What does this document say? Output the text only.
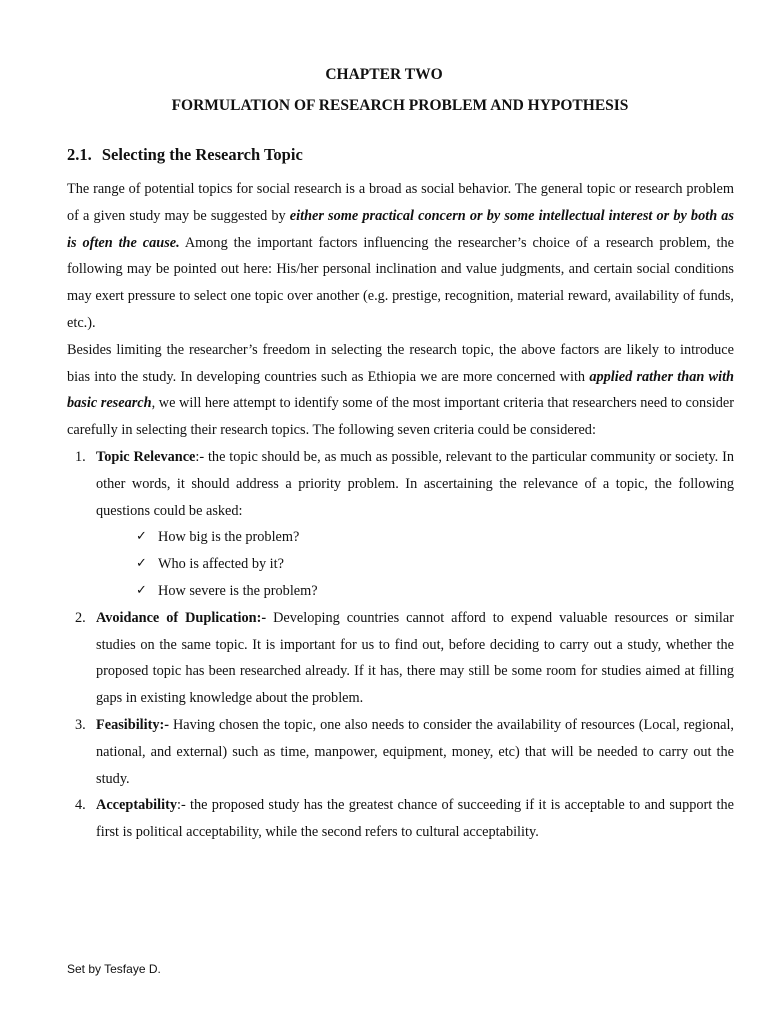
CHAPTER TWO
FORMULATION OF RESEARCH PROBLEM AND HYPOTHESIS
2.1. Selecting the Research Topic

The range of potential topics for social research is a broad as social behavior. The general topic or research problem of a given study may be suggested by either some practical concern or by some intellectual interest or by both as is often the cause. Among the important factors influencing the researcher’s choice of a research problem, the following may be pointed out here: His/her personal inclination and value judgments, and certain social conditions may exert pressure to select one topic over another (e.g. prestige, recognition, material reward, availability of funds, etc.).

Besides limiting the researcher’s freedom in selecting the research topic, the above factors are likely to introduce bias into the study. In developing countries such as Ethiopia we are more concerned with applied rather than with basic research, we will here attempt to identify some of the most important criteria that researchers need to consider carefully in selecting their research topics. The following seven criteria could be considered:

1. Topic Relevance:- the topic should be, as much as possible, relevant to the particular community or society. In other words, it should address a priority problem. In ascertaining the relevance of a topic, the following questions could be asked:
✓ How big is the problem?
✓ Who is affected by it?
✓ How severe is the problem?
2. Avoidance of Duplication:- Developing countries cannot afford to expend valuable resources or similar studies on the same topic. It is important for us to find out, before deciding to carry out a study, whether the proposed topic has been researched already. If it has, there may still be some room for studies aimed at filling gaps in existing knowledge about the problem.
3. Feasibility:- Having chosen the topic, one also needs to consider the availability of resources (Local, regional, national, and external) such as time, manpower, equipment, money, etc) that will be needed to carry out the study.
4. Acceptability:- the proposed study has the greatest chance of succeeding if it is acceptable to and support the first is political acceptability, while the second refers to cultural acceptability.
Set by Tesfaye D.
